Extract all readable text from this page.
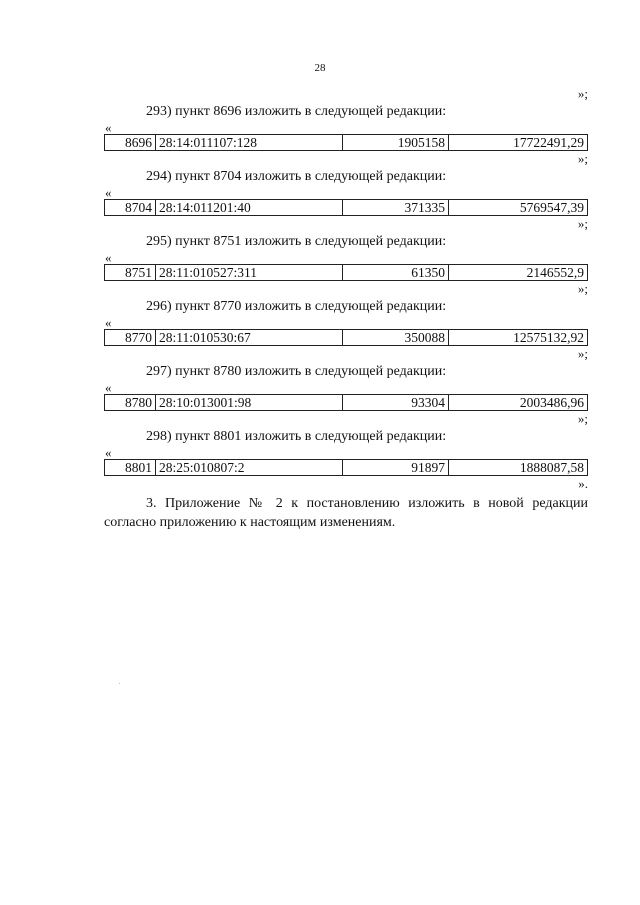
28
»;
293) пункт 8696 изложить в следующей редакции:
«
8696	28:14:011107:128	1905158	17722491,29
»;
294) пункт 8704 изложить в следующей редакции:
«
8704	28:14:011201:40	371335	5769547,39
»;
295) пункт 8751 изложить в следующей редакции:
«
8751	28:11:010527:311	61350	2146552,9
»;
296) пункт 8770 изложить в следующей редакции:
«
8770	28:11:010530:67	350088	12575132,92
»;
297) пункт 8780 изложить в следующей редакции:
«
8780	28:10:013001:98	93304	2003486,96
»;
298) пункт 8801 изложить в следующей редакции:
«
8801	28:25:010807:2	91897	1888087,58
».

3. Приложение № 2 к постановлению изложить в новой редакции согласно приложению к настоящим изменениям.
